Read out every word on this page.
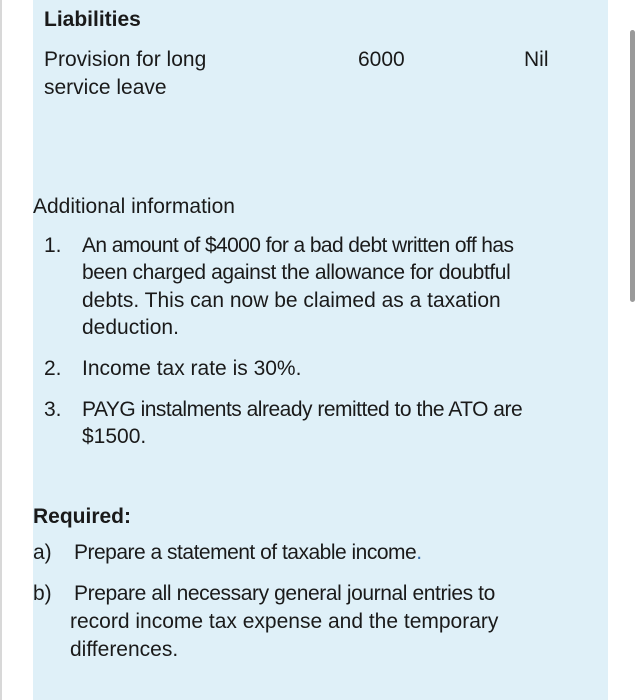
Liabilities
Provision for long
service leave
6000	Nil
Additional information
1. An amount of $4000 for a bad debt written off has
been charged against the allowance for doubtful
debts. This can now be claimed as a taxation
deduction.
2. Income tax rate is 30%.
3. PAYG instalments already remitted to the ATO are
$1500.
Required:
a) Prepare a statement of taxable income.
b) Prepare all necessary general journal entries to
record income tax expense and the temporary
differences.
